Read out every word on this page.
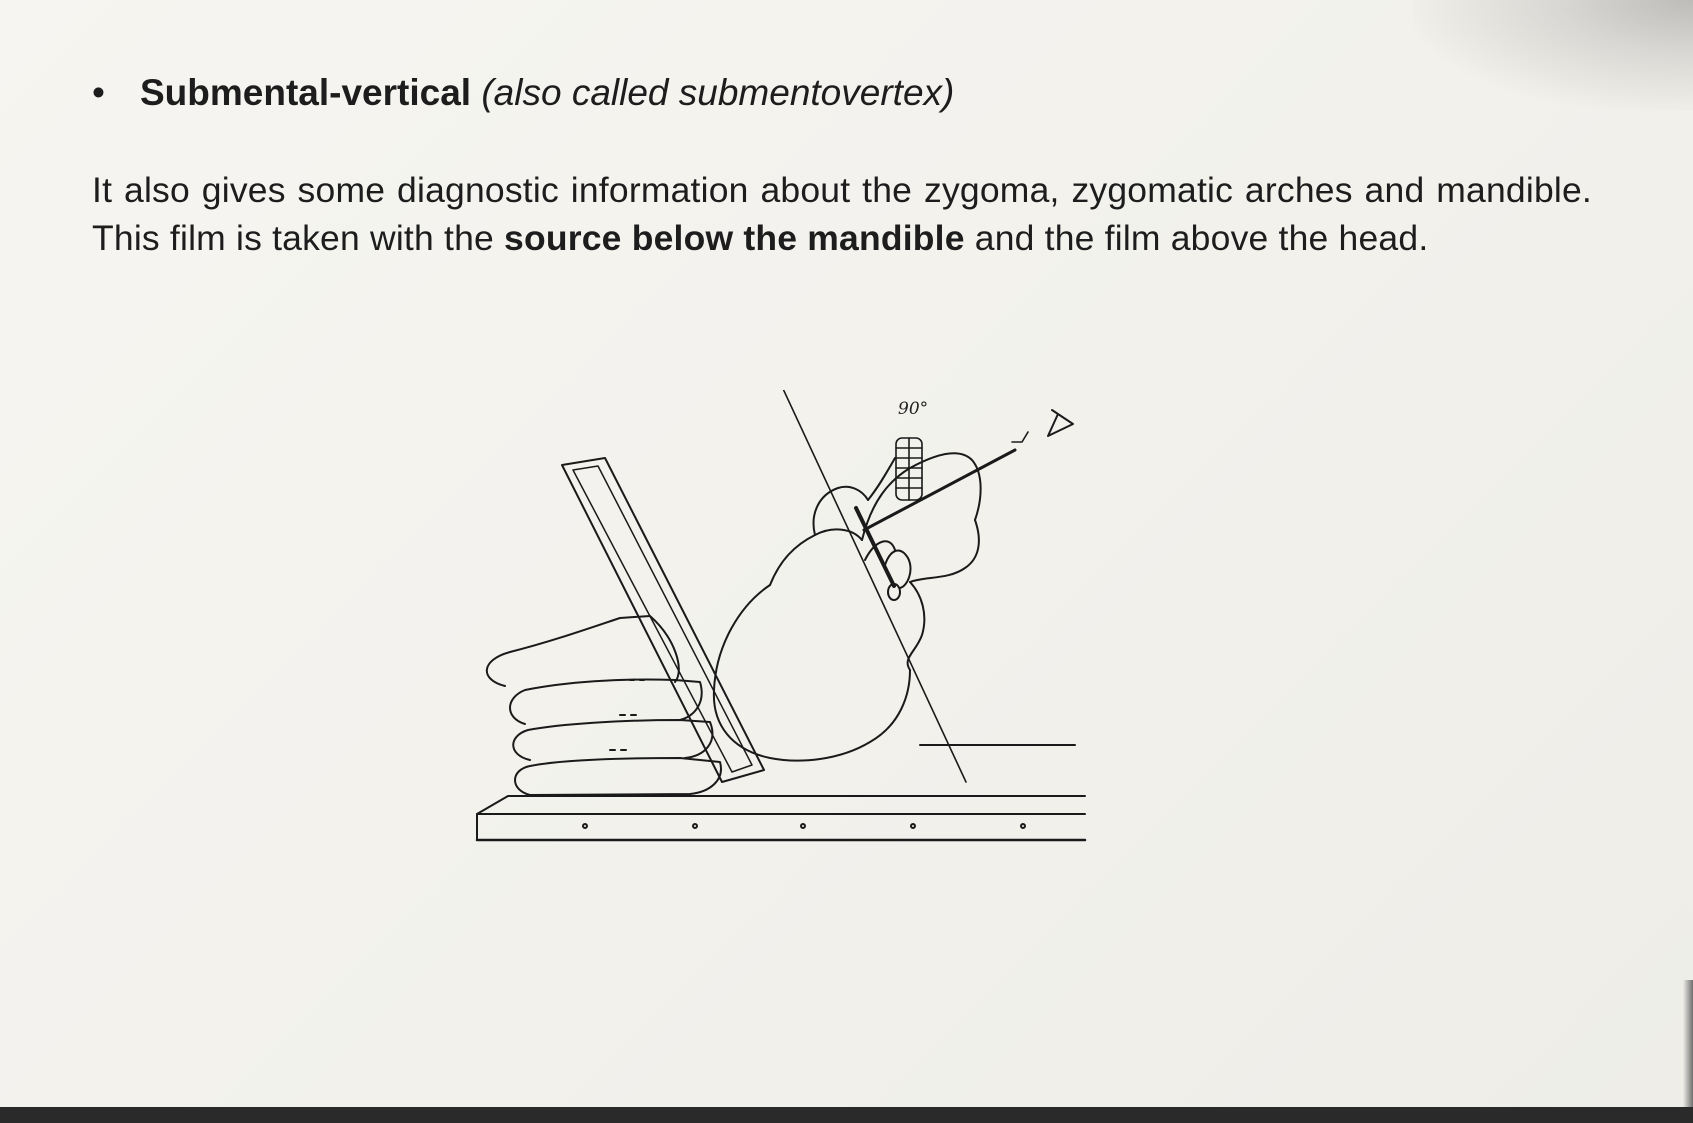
• Submental-vertical (also called submentovertex)
It also gives some diagnostic information about the zygoma, zygomatic arches and mandible. This film is taken with the source below the mandible and the film above the head.
90°
